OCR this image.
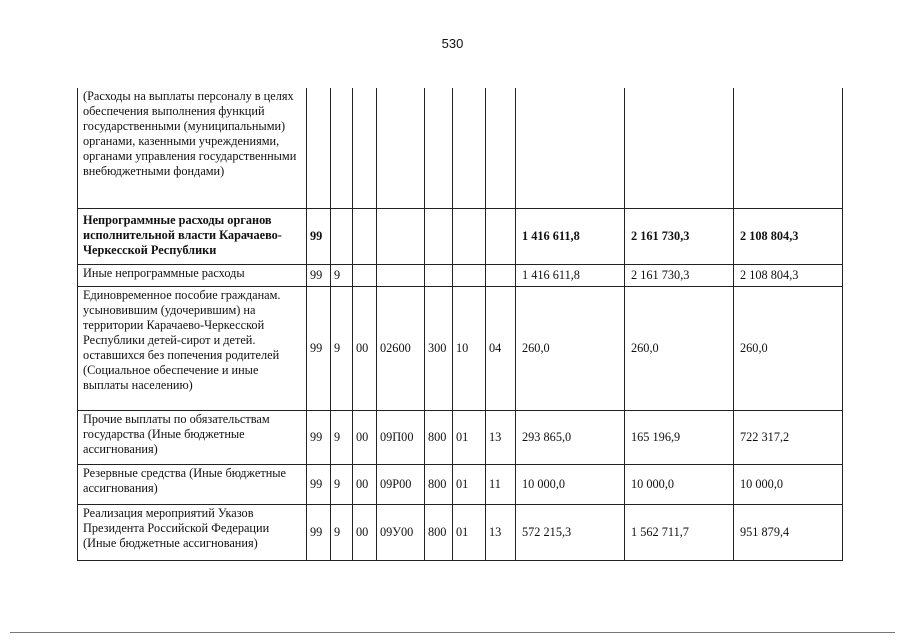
530
(Расходы на выплаты персоналу в целях обеспечения выполнения функций государственными (муниципальными) органами, казенными учреждениями, органами управления государственными внебюджетными фондами)										
Непрограммные расходы органов исполнительной власти Карачаево-Черкесской Республики	99							1 416 611,8	2 161 730,3	2 108 804,3
Иные непрограммные расходы	99	9						1 416 611,8	2 161 730,3	2 108 804,3
Единовременное пособие гражданам. усыновившим (удочерившим) на территории Карачаево-Черкесской Республики детей-сирот и детей. оставшихся без попечения родителей (Социальное обеспечение и иные выплаты населению)	99	9	00	02600	300	10	04	260,0	260,0	260,0
Прочие выплаты по обязательствам государства (Иные бюджетные ассигнования)	99	9	00	09П00	800	01	13	293 865,0	165 196,9	722 317,2
Резервные средства (Иные бюджетные ассигнования)	99	9	00	09Р00	800	01	11	10 000,0	10 000,0	10 000,0
Реализация мероприятий Указов Президента Российской Федерации (Иные бюджетные ассигнования)	99	9	00	09У00	800	01	13	572 215,3	1 562 711,7	951 879,4
